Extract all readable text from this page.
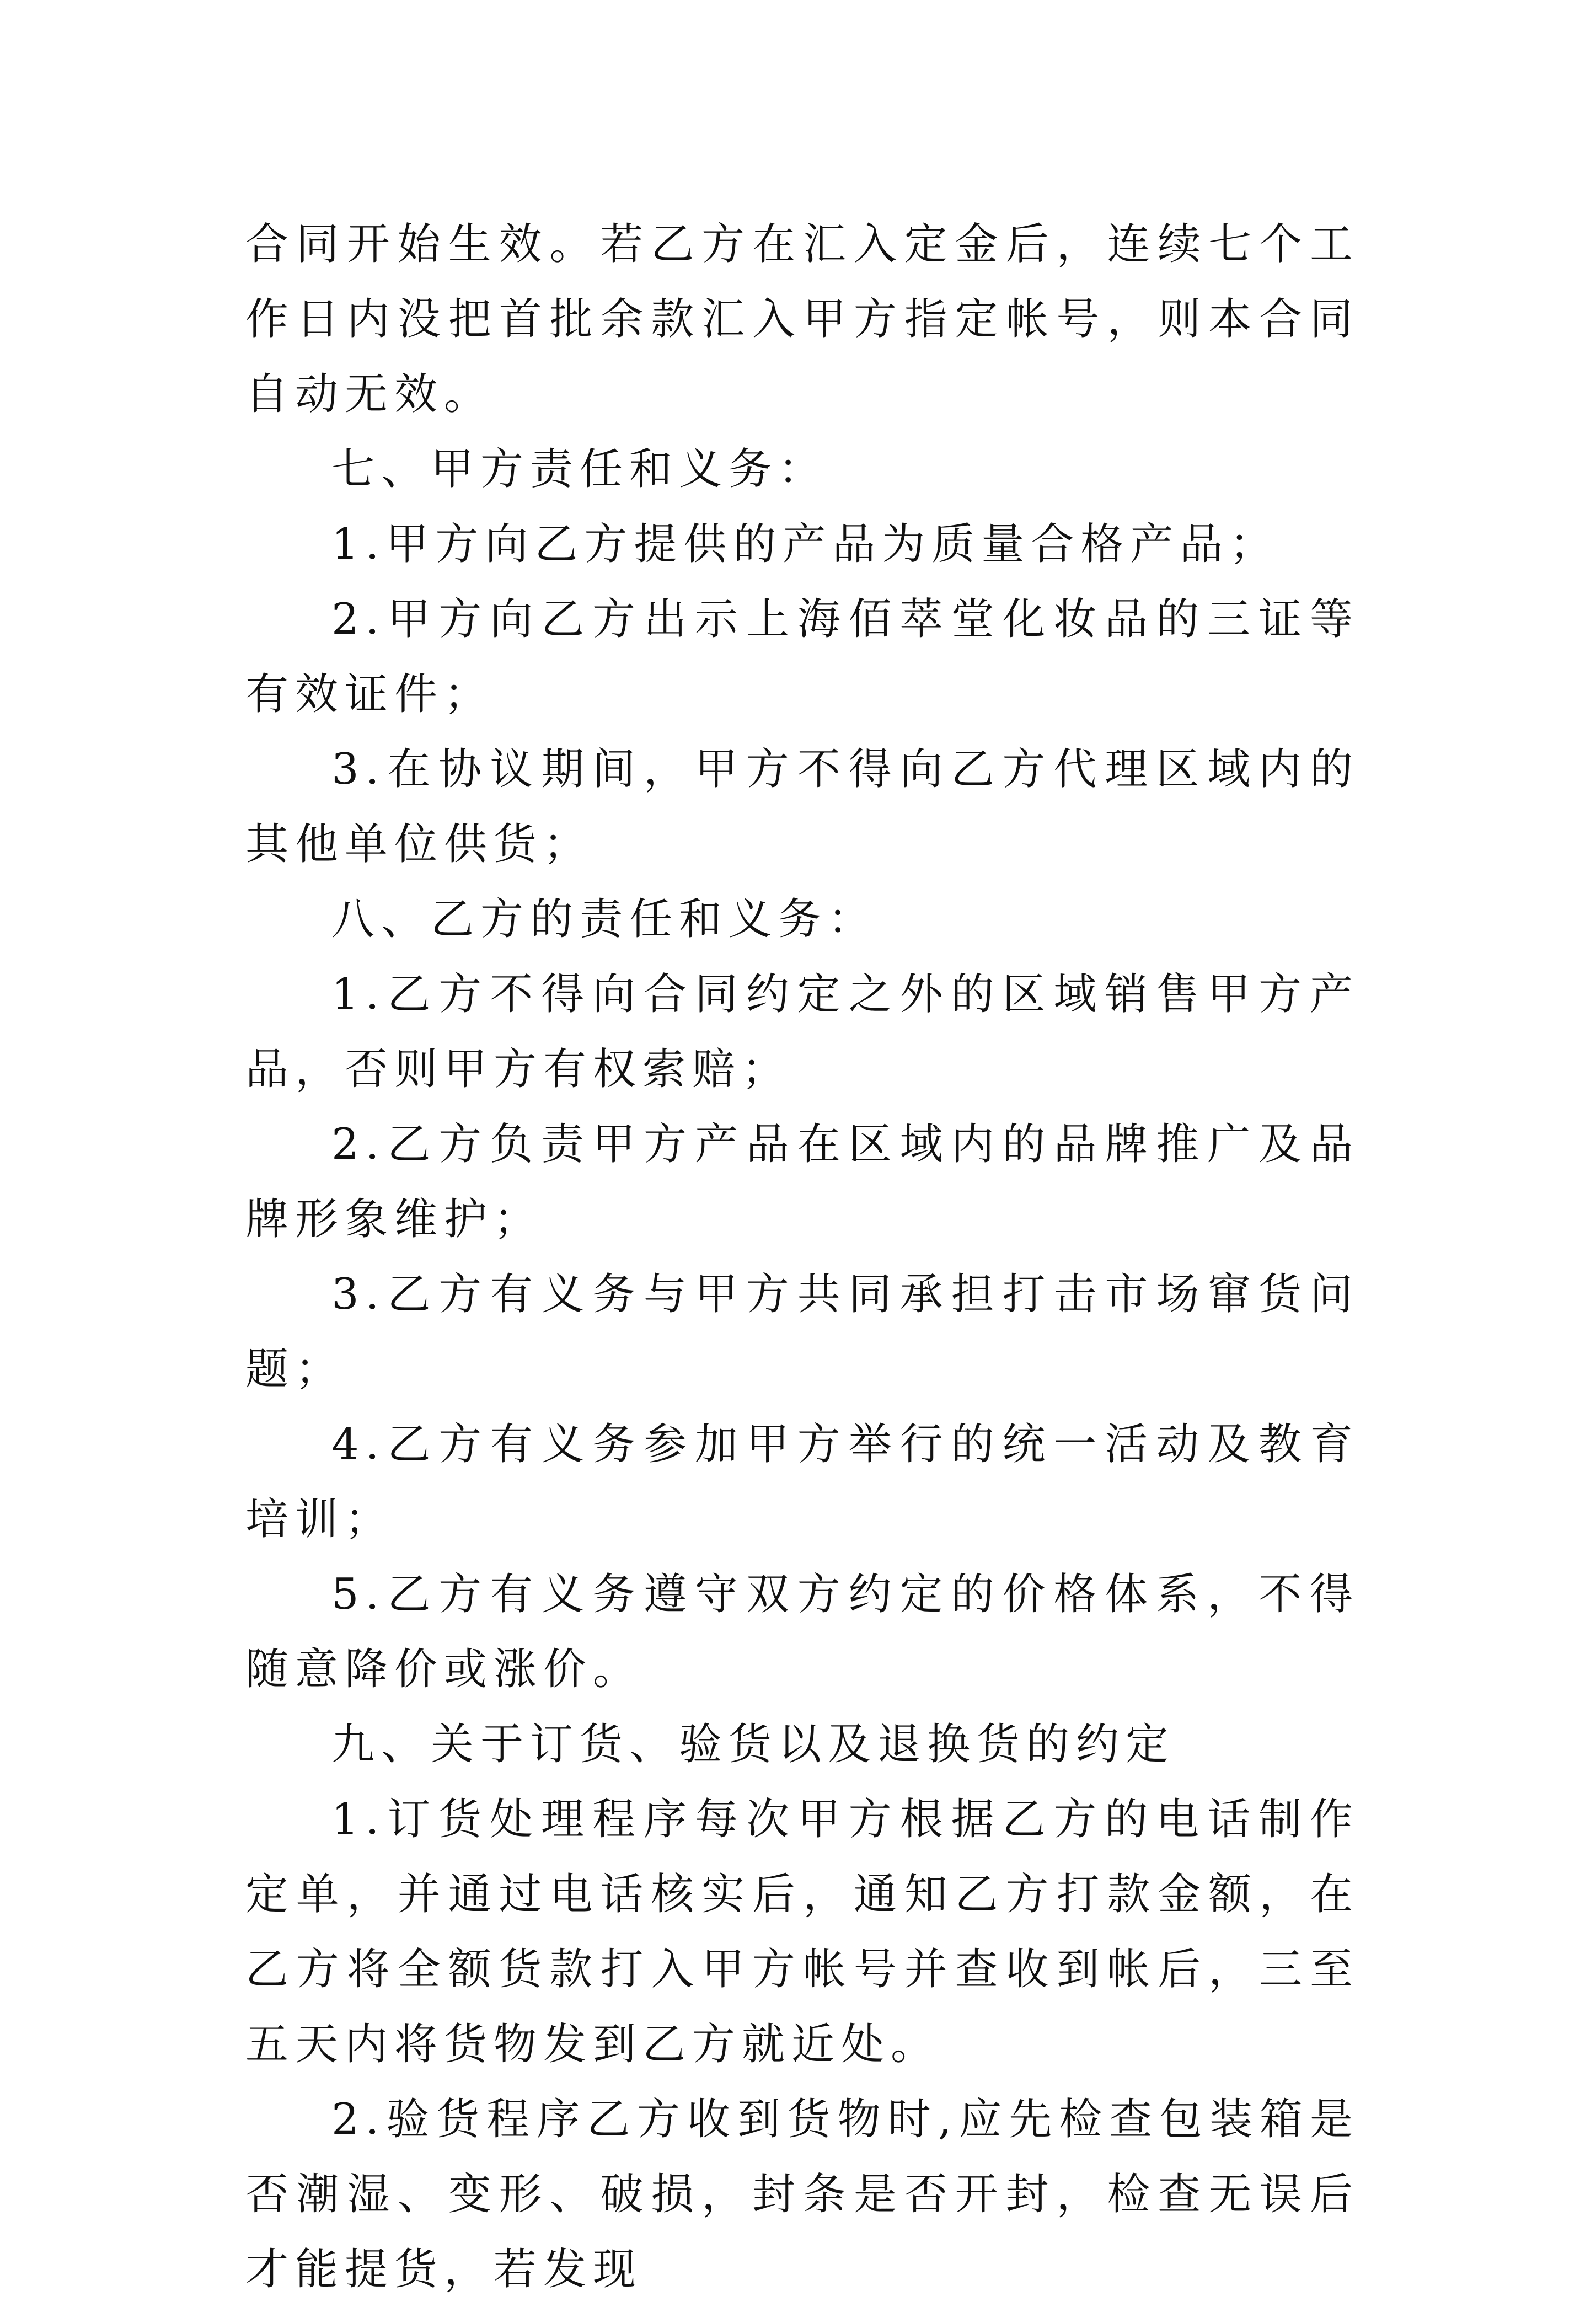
合同开始生效。若乙方在汇入定金后，连续七个工作日内没把首批余款汇入甲方指定帐号，则本合同自动无效。

七、甲方责任和义务：

1.甲方向乙方提供的产品为质量合格产品；

2.甲方向乙方出示上海佰萃堂化妆品的三证等有效证件；

3.在协议期间，甲方不得向乙方代理区域内的其他单位供货；

八、乙方的责任和义务：

1.乙方不得向合同约定之外的区域销售甲方产品，否则甲方有权索赔；

2.乙方负责甲方产品在区域内的品牌推广及品牌形象维护；

3.乙方有义务与甲方共同承担打击市场窜货问题；

4.乙方有义务参加甲方举行的统一活动及教育培训；

5.乙方有义务遵守双方约定的价格体系，不得随意降价或涨价。

九、关于订货、验货以及退换货的约定

1.订货处理程序每次甲方根据乙方的电话制作定单，并通过电话核实后，通知乙方打款金额，在乙方将全额货款打入甲方帐号并查收到帐后，三至五天内将货物发到乙方就近处。

2.验货程序乙方收到货物时,应先检查包装箱是否潮湿、变形、破损，封条是否开封，检查无误后才能提货，若发现
